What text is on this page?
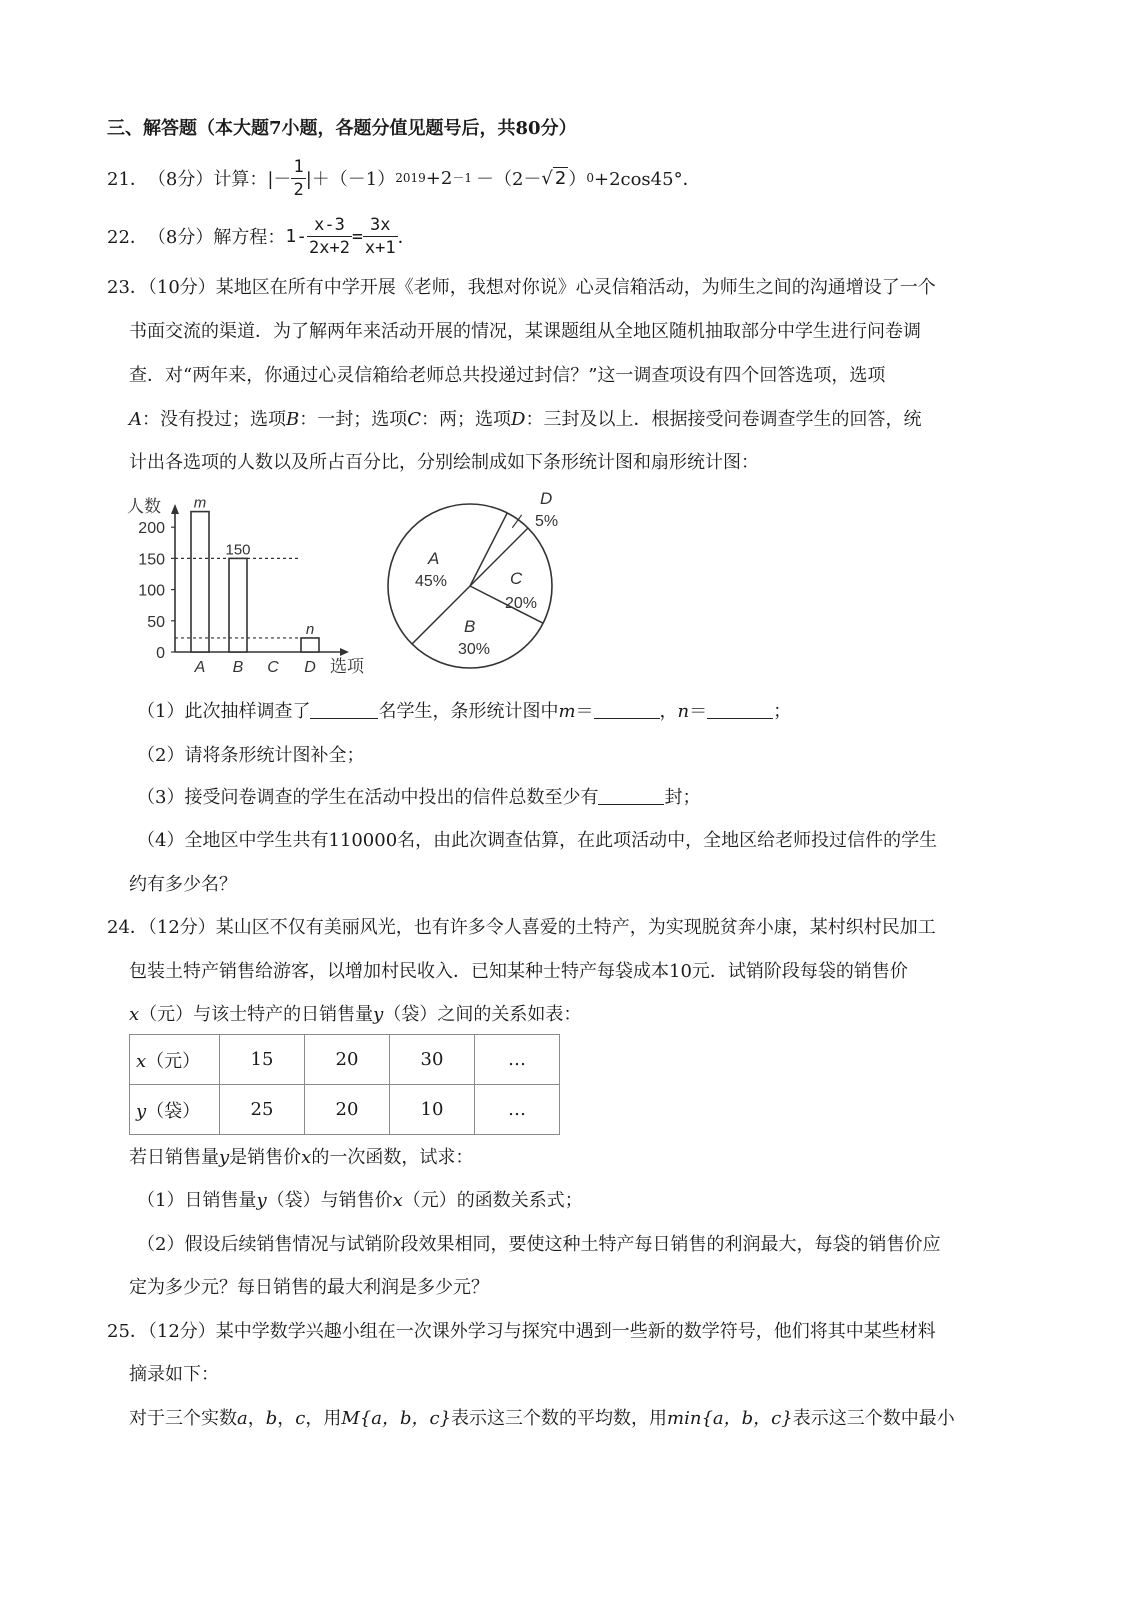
三、解答题（本大题7小题，各题分值见题号后，共80分）
21． （8分） 计算： |－ $\frac{1}{2} |+(-1)$ 2019 +2 －1 －（2－ √ 2 ） 0 +2cos45°．
22． （8分） 解方程： $1- \frac{x-3}{2x+2} = \frac{3x}{x+1}$ ．
23．（10分）某地区在所有中学开展《老师，我想对你说》心灵信箱活动，为师生之间的沟通增设了一个
书面交流的渠道．为了解两年来活动开展的情况，某课题组从全地区随机抽取部分中学生进行问卷调
查．对“两年来，你通过心灵信箱给老师总共投递过封信？”这一调查项设有四个回答选项，选项
A：没有投过；选项B：一封；选项C：两；选项D：三封及以上．根据接受问卷调查学生的回答，统
计出各选项的人数以及所占百分比，分别绘制成如下条形统计图和扇形统计图：
人数
选项
0
50
100
150
200
A
m
B
150
C D
n
A
45%
B
30%
C
20%
D
5%
（1）此次抽样调查了	名学生，条形统计图中m＝	，n＝	；
（2）请将条形统计图补全；
（3）接受问卷调查的学生在活动中投出的信件总数至少有	封；
（4）全地区中学生共有110000名，由此次调查估算，在此项活动中，全地区给老师投过信件的学生
约有多少名？
24．（12分）某山区不仅有美丽风光，也有许多令人喜爱的土特产，为实现脱贫奔小康，某村织村民加工
包装土特产销售给游客，以增加村民收入．已知某种士特产每袋成本10元．试销阶段每袋的销售价
x（元）与该士特产的日销售量y（袋）之间的关系如表：
x（元）	15	20	30	…
y（袋）	25	20	10	…
若日销售量y是销售价x的一次函数，试求：
（1）日销售量y（袋）与销售价x（元）的函数关系式；
（2）假设后续销售情况与试销阶段效果相同，要使这种土特产每日销售的利润最大，每袋的销售价应
定为多少元？每日销售的最大利润是多少元？
25．（12分）某中学数学兴趣小组在一次课外学习与探究中遇到一些新的数学符号，他们将其中某些材料
摘录如下：
对于三个实数a，b，c，用M{a，b，c}表示这三个数的平均数，用min{a，b，c}表示这三个数中最小
